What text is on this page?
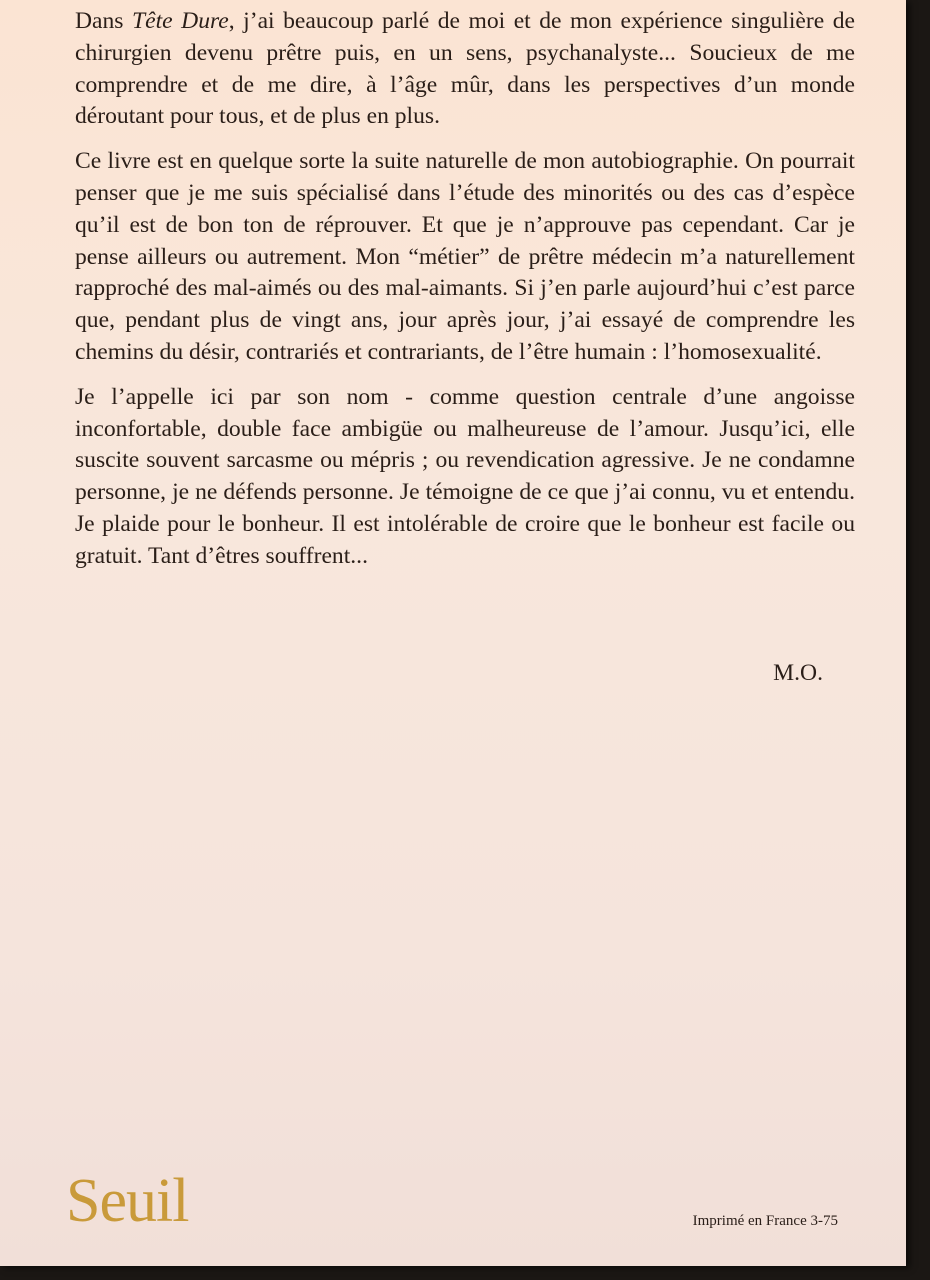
Dans Tête Dure, j’ai beaucoup parlé de moi et de mon expérience singulière de chirurgien devenu prêtre puis, en un sens, psychanalyste... Soucieux de me comprendre et de me dire, à l’âge mûr, dans les perspectives d’un monde déroutant pour tous, et de plus en plus.

Ce livre est en quelque sorte la suite naturelle de mon autobiographie. On pourrait penser que je me suis spécialisé dans l’étude des minorités ou des cas d’espèce qu’il est de bon ton de réprouver. Et que je n’approuve pas cependant. Car je pense ailleurs ou autrement. Mon “métier” de prêtre médecin m’a naturellement rapproché des mal-aimés ou des mal-aimants. Si j’en parle aujourd’hui c’est parce que, pendant plus de vingt ans, jour après jour, j’ai essayé de comprendre les chemins du désir, contrariés et contrariants, de l’être humain : l’homosexualité.

Je l’appelle ici par son nom - comme question centrale d’une angoisse inconfortable, double face ambigüe ou malheureuse de l’amour. Jusqu’ici, elle suscite souvent sarcasme ou mépris ; ou revendication agressive. Je ne condamne personne, je ne défends personne. Je témoigne de ce que j’ai connu, vu et entendu. Je plaide pour le bonheur. Il est intolérable de croire que le bonheur est facile ou gratuit. Tant d’êtres souffrent...

M.O.
Seuil	Imprimé en France 3-75
